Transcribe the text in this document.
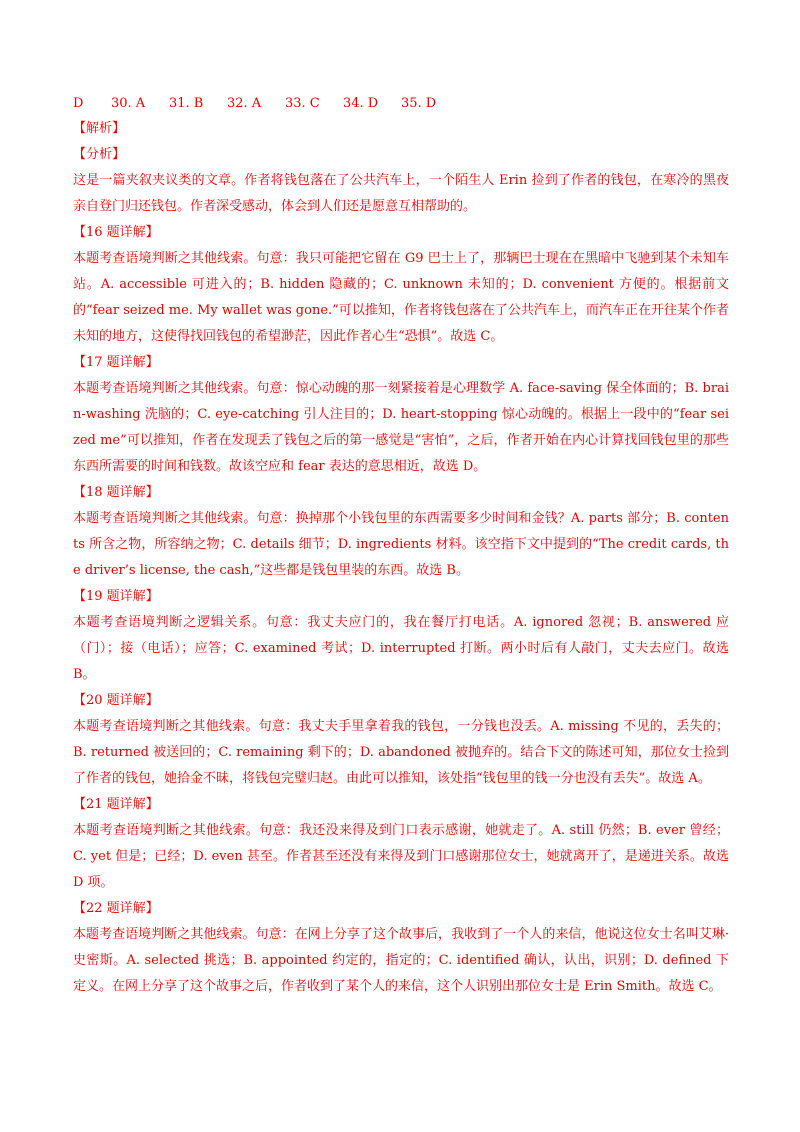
D 30. A 31. B 32. A 33. C 34. D 35. D
【解析】
【分析】
这是一篇夹叙夹议类的文章。作者将钱包落在了公共汽车上，一个陌生人 Erin 捡到了作者的钱包，在寒冷的黑夜亲自登门归还钱包。作者深受感动，体会到人们还是愿意互相帮助的。
【16 题详解】
本题考查语境判断之其他线索。句意：我只可能把它留在 G9 巴士上了，那辆巴士现在在黑暗中飞驰到某个未知车站。A. accessible 可进入的；B. hidden 隐藏的；C. unknown 未知的；D. convenient 方便的。根据前文的“fear seized me. My wallet was gone.”可以推知，作者将钱包落在了公共汽车上，而汽车正在开往某个作者未知的地方，这使得找回钱包的希望渺茫，因此作者心生“恐惧”。故选 C。
【17 题详解】
本题考查语境判断之其他线索。句意：惊心动魄的那一刻紧接着是心理数学 A. face-saving 保全体面的；B. brain-washing 洗脑的；C. eye-catching 引人注目的；D. heart-stopping 惊心动魄的。根据上一段中的“fear seized me”可以推知，作者在发现丢了钱包之后的第一感觉是“害怕”，之后，作者开始在内心计算找回钱包里的那些东西所需要的时间和钱数。故该空应和 fear 表达的意思相近，故选 D。
【18 题详解】
本题考查语境判断之其他线索。句意：换掉那个小钱包里的东西需要多少时间和金钱？A. parts 部分；B. contents 所含之物，所容纳之物；C. details 细节；D. ingredients 材料。该空指下文中提到的“The credit cards, the driver’s license, the cash,”这些都是钱包里装的东西。故选 B。
【19 题详解】
本题考查语境判断之逻辑关系。句意：我丈夫应门的，我在餐厅打电话。A. ignored 忽视；B. answered 应（门）；接（电话）；应答；C. examined 考试；D. interrupted 打断。两小时后有人敲门，丈夫去应门。故选 B。
【20 题详解】
本题考查语境判断之其他线索。句意：我丈夫手里拿着我的钱包，一分钱也没丢。A. missing 不见的，丢失的；B. returned 被送回的；C. remaining 剩下的；D. abandoned 被抛弃的。结合下文的陈述可知，那位女士捡到了作者的钱包，她拾金不昧，将钱包完璧归赵。由此可以推知，该处指“钱包里的钱一分也没有丢失”。故选 A。
【21 题详解】
本题考查语境判断之其他线索。句意：我还没来得及到门口表示感谢，她就走了。A. still 仍然；B. ever 曾经；C. yet 但是；已经；D. even 甚至。作者甚至还没有来得及到门口感谢那位女士，她就离开了，是递进关系。故选 D 项。
【22 题详解】
本题考查语境判断之其他线索。句意：在网上分享了这个故事后，我收到了一个人的来信，他说这位女士名叫艾琳·史密斯。A. selected 挑选；B. appointed 约定的，指定的；C. identified 确认，认出，识别；D. defined 下定义。在网上分享了这个故事之后，作者收到了某个人的来信，这个人识别出那位女士是 Erin Smith。故选 C。
